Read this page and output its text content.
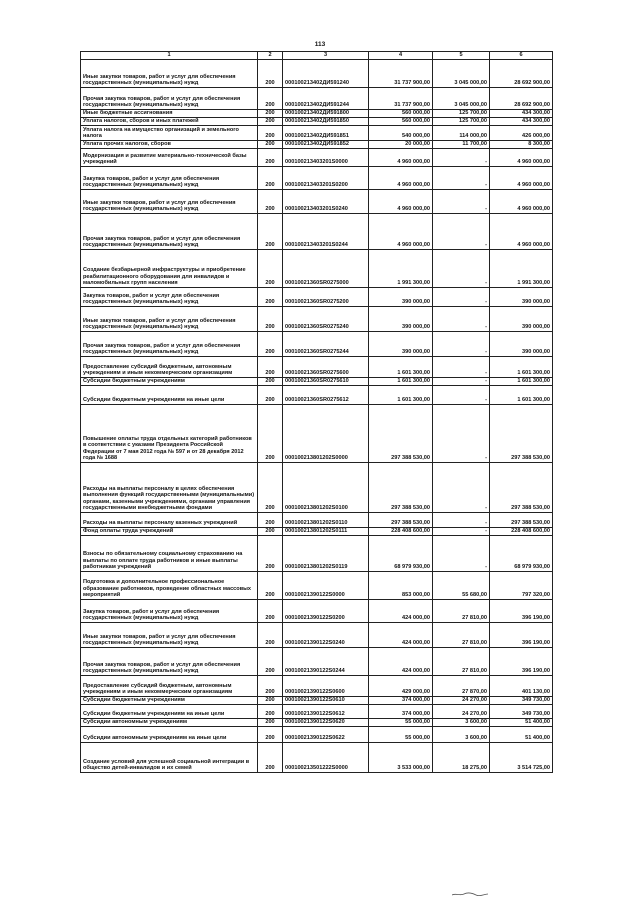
113
1	2	3	4	5	6
Иные закупки товаров, работ и услуг для обеспечения государственных (муниципальных) нужд	200	000100213402ДИ591240	31 737 900,00	3 045 000,00	28 692 900,00
Прочая закупка товаров, работ и услуг для обеспечения государственных (муниципальных) нужд	200	000100213402ДИ591244	31 737 900,00	3 045 000,00	28 692 900,00
Иные бюджетные ассигнования	200	000100213402ДИ591800	560 000,00	125 700,00	434 300,00
Уплата налогов, сборов и иных платежей	200	000100213402ДИ591850	560 000,00	125 700,00	434 300,00
Уплата налога на имущество организаций и земельного налога	200	000100213402ДИ591851	540 000,00	114 000,00	426 000,00
Уплата прочих налогов, сборов	200	000100213402ДИ591852	20 000,00	11 700,00	8 300,00
Модернизация и развитие материально-технической базы учреждений	200	000100213403201S0000	4 960 000,00	-	4 960 000,00
Закупка товаров, работ и услуг для обеспечения государственных (муниципальных) нужд	200	000100213403201S0200	4 960 000,00	-	4 960 000,00
Иные закупки товаров, работ и услуг для обеспечения государственных (муниципальных) нужд	200	000100213403201S0240	4 960 000,00	-	4 960 000,00
Прочая закупка товаров, работ и услуг для обеспечения государственных (муниципальных) нужд	200	000100213403201S0244	4 960 000,00	-	4 960 000,00
Создание безбарьерной инфраструктуры и приобретение реабилитационного оборудования для инвалидов и маломобильных групп населения	200	00010021360SR0275000	1 991 300,00	-	1 991 300,00
Закупка товаров, работ и услуг для обеспечения государственных (муниципальных) нужд	200	00010021360SR0275200	390 000,00	-	390 000,00
Иные закупки товаров, работ и услуг для обеспечения государственных (муниципальных) нужд	200	00010021360SR0275240	390 000,00	-	390 000,00
Прочая закупка товаров, работ и услуг для обеспечения государственных (муниципальных) нужд	200	00010021360SR0275244	390 000,00	-	390 000,00
Предоставление субсидий бюджетным, автономным учреждениям и иным некоммерческим организациям	200	00010021360SR0275600	1 601 300,00	-	1 601 300,00
Субсидии бюджетным учреждениям	200	00010021360SR0275610	1 601 300,00	-	1 601 300,00
Субсидии бюджетным учреждениям на иные цели	200	00010021360SR0275612	1 601 300,00	-	1 601 300,00
Повышение оплаты труда отдельных категорий работников в соответствии с указами Президента Российской Федерации от 7 мая 2012 года № 597 и от 28 декабря 2012 года № 1688	200	000100213801202S0000	297 388 530,00	-	297 388 530,00
Расходы на выплаты персоналу в целях обеспечения выполнения функций государственными (муниципальными) органами, казенными учреждениями, органами управления государственными внебюджетными фондами	200	000100213801202S0100	297 388 530,00	-	297 388 530,00
Расходы на выплаты персоналу казенных учреждений	200	000100213801202S0110	297 388 530,00	-	297 388 530,00
Фонд оплаты труда учреждений	200	000100213801202S0111	228 408 600,00	-	228 408 600,00
Взносы по обязательному социальному страхованию на выплаты по оплате труда работников и иные выплаты работникам учреждений	200	000100213801202S0119	68 979 930,00	-	68 979 930,00
Подготовка и дополнительное профессиональное образование работников, проведение областных массовых мероприятий	200	00010021390122S0000	853 000,00	55 680,00	797 320,00
Закупка товаров, работ и услуг для обеспечения государственных (муниципальных) нужд	200	00010021390122S0200	424 000,00	27 810,00	396 190,00
Иные закупки товаров, работ и услуг для обеспечения государственных (муниципальных) нужд	200	00010021390122S0240	424 000,00	27 810,00	396 190,00
Прочая закупка товаров, работ и услуг для обеспечения государственных (муниципальных) нужд	200	00010021390122S0244	424 000,00	27 810,00	396 190,00
Предоставление субсидий бюджетным, автономным учреждениям и иным некоммерческим организациям	200	00010021390122S0600	429 000,00	27 870,00	401 130,00
Субсидии бюджетным учреждениям	200	00010021390122S0610	374 000,00	24 270,00	349 730,00
Субсидии бюджетным учреждениям на иные цели	200	00010021390122S0612	374 000,00	24 270,00	349 730,00
Субсидии автономным учреждениям	200	00010021390122S0620	55 000,00	3 600,00	51 400,00
Субсидии автономным учреждениям на иные цели	200	00010021390122S0622	55 000,00	3 600,00	51 400,00
Создание условий для успешной социальной интеграции в общество детей-инвалидов и их семей	200	000100213501222S0000	3 533 000,00	18 275,00	3 514 725,00
